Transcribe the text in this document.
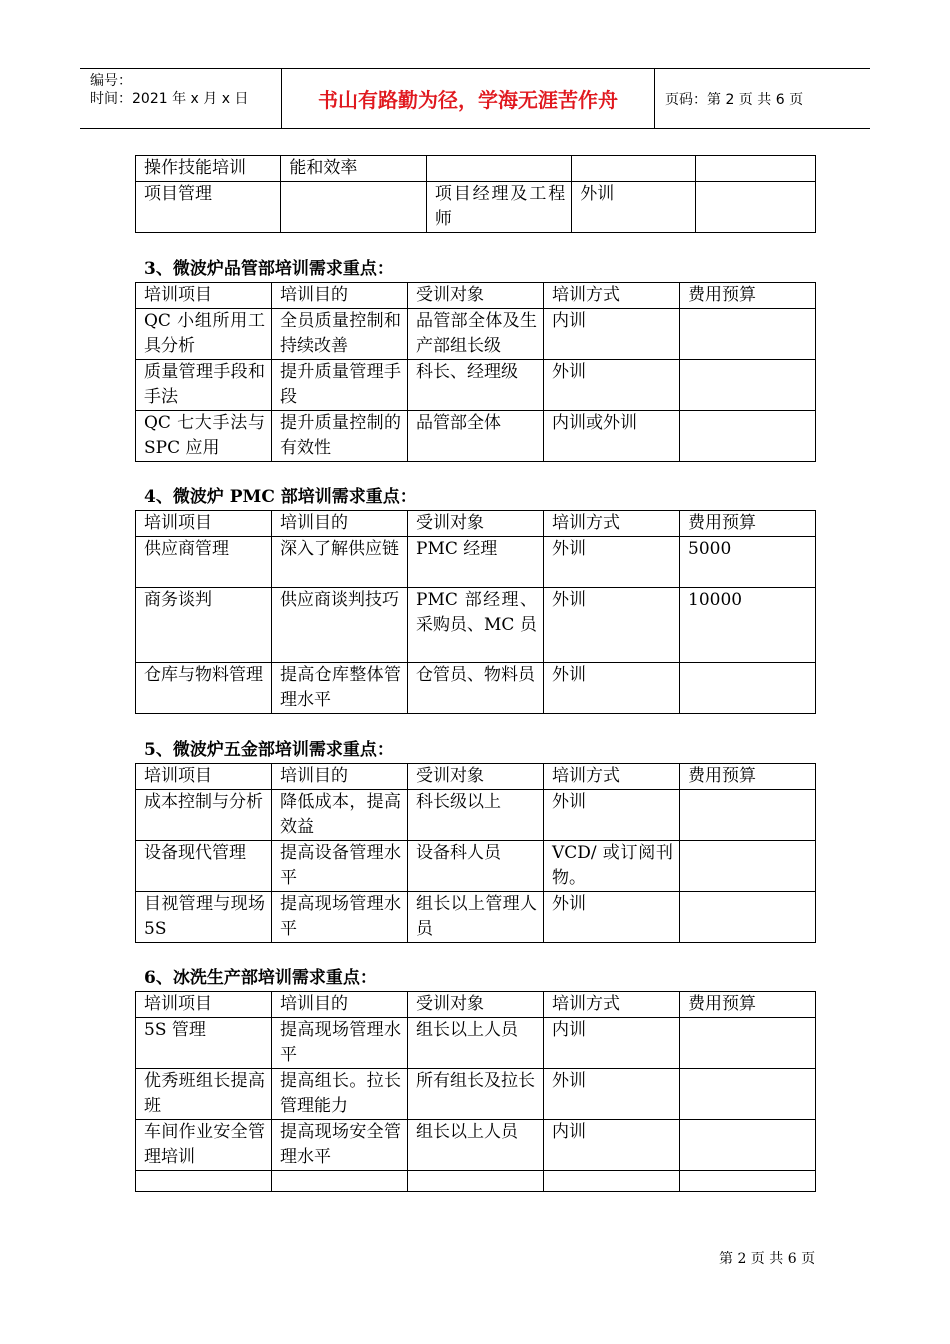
编号：
时间：2021 年 x 月 x 日	书山有路勤为径，学海无涯苦作舟	页码：第 2 页 共 6 页
操作技能培训	能和效率			
项目管理		项目经理及工程师	外训	
3、微波炉品管部培训需求重点：
培训项目	培训目的	受训对象	培训方式	费用预算
QC 小组所用工具分析	全员质量控制和持续改善	品管部全体及生产部组长级	内训	
质量管理手段和手法	提升质量管理手段	科长、经理级	外训	
QC 七大手法与 SPC 应用	提升质量控制的有效性	品管部全体	内训或外训	
4、微波炉 PMC 部培训需求重点：
培训项目	培训目的	受训对象	培训方式	费用预算
供应商管理	深入了解供应链	PMC 经理	外训	5000
商务谈判	供应商谈判技巧	PMC 部经理、采购员、MC 员	外训	10000
仓库与物料管理	提高仓库整体管理水平	仓管员、物料员	外训	
5、微波炉五金部培训需求重点：
培训项目	培训目的	受训对象	培训方式	费用预算
成本控制与分析	降低成本，提高效益	科长级以上	外训	
设备现代管理	提高设备管理水平	设备科人员	VCD/ 或订阅刊物。	
目视管理与现场 5S	提高现场管理水平	组长以上管理人员	外训	
6、冰洗生产部培训需求重点：
培训项目	培训目的	受训对象	培训方式	费用预算
5S 管理	提高现场管理水平	组长以上人员	内训	
优秀班组长提高班	提高组长。拉长管理能力	所有组长及拉长	外训	
车间作业安全管理培训	提高现场安全管理水平	组长以上人员	内训	

第 2 页 共 6 页
